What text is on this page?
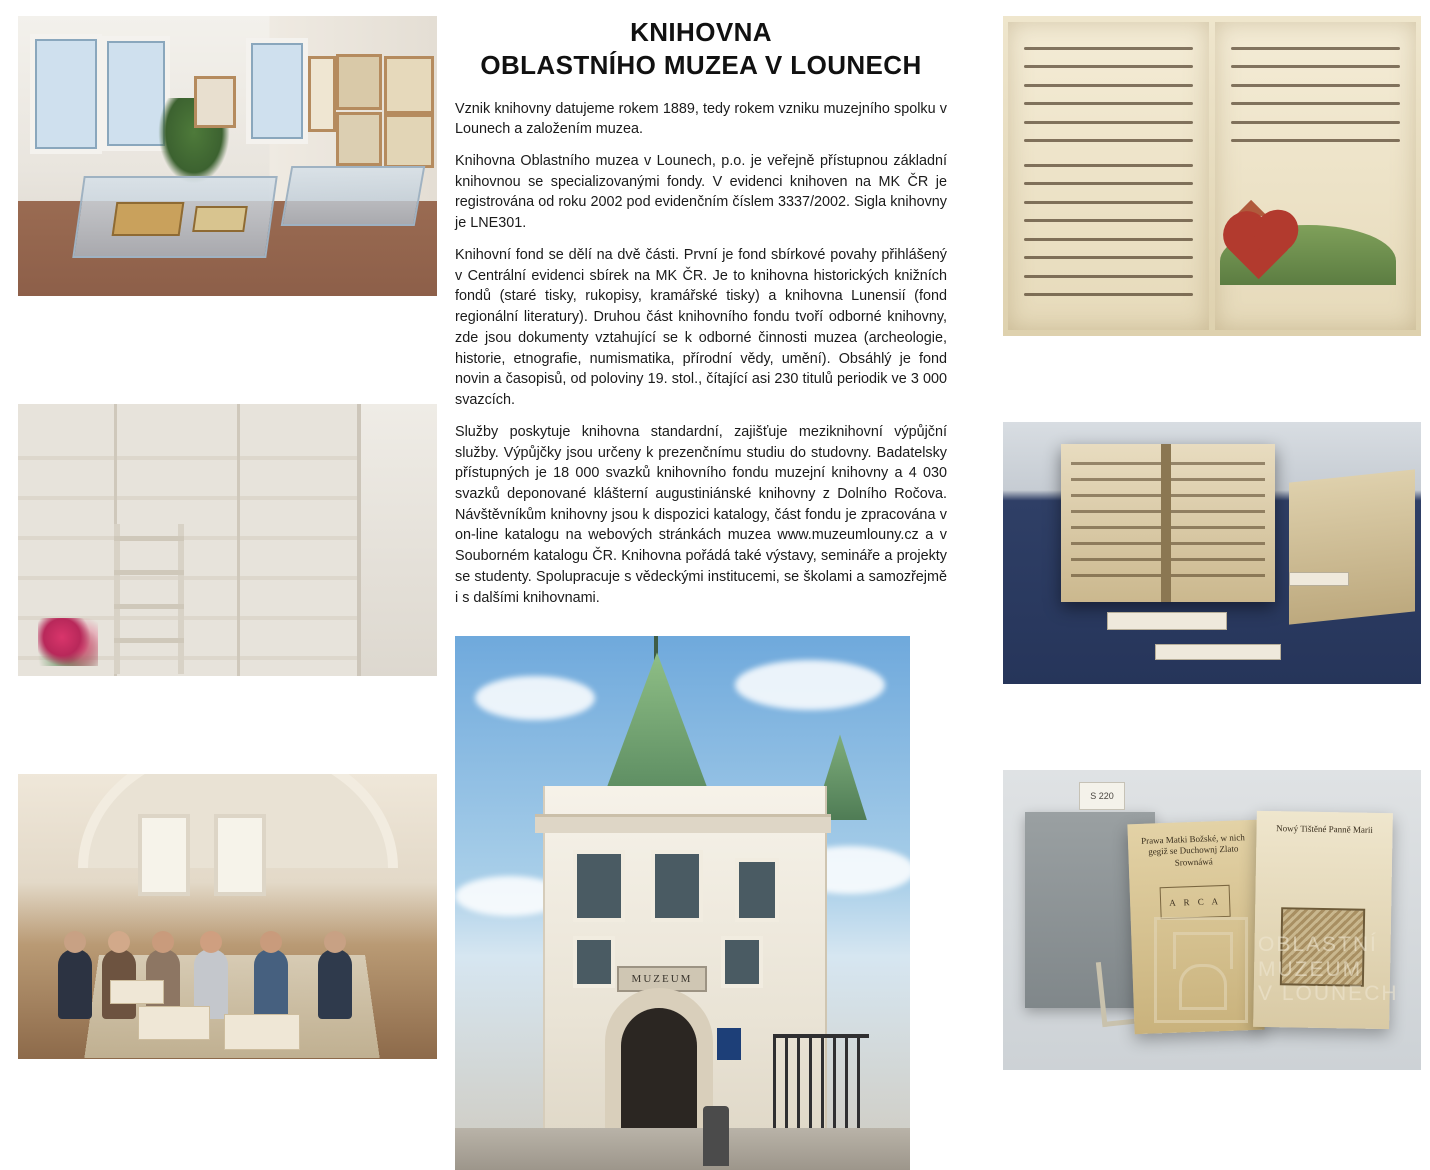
KNIHOVNA
OBLASTNÍHO MUZEA V LOUNECH

Vznik knihovny datujeme rokem 1889, tedy rokem vzniku muzejního spolku v Lounech a založením muzea.

Knihovna Oblastního muzea v Lounech, p.o. je veřejně přístupnou základní knihovnou se specializovanými fondy. V evidenci knihoven na MK ČR je registrována od roku 2002 pod evidenčním číslem 3337/2002. Sigla knihovny je LNE301.

Knihovní fond se dělí na dvě části. První je fond sbírkové povahy přihlášený v Centrální evidenci sbírek na MK ČR. Je to knihovna historických knižních fondů (staré tisky, rukopisy, kramářské tisky) a knihovna Lunensií (fond regionální literatury). Druhou část knihovního fondu tvoří odborné knihovny, zde jsou dokumenty vztahující se k odborné činnosti muzea (archeologie, historie, etnografie, numismatika, přírodní vědy, umění). Obsáhlý je fond novin a časopisů, od poloviny 19. stol., čítající asi 230 titulů periodik ve 3 000 svazcích.

Služby poskytuje knihovna standardní, zajišťuje meziknihovní výpůjční služby. Výpůjčky jsou určeny k prezenčnímu studiu do studovny. Badatelsky přístupných je 18 000 svazků knihovního fondu muzejní knihovny a 4 030 svazků deponované klášterní augustiniánské knihovny z Dolního Ročova. Návštěvníkům knihovny jsou k dispozici katalogy, část fondu je zpracována v on-line katalogu na webových stránkách muzea www.muzeumlouny.cz a v Souborném katalogu ČR. Knihovna pořádá také výstavy, semináře a projekty se studenty. Spolupracuje s vědeckými institucemi, se školami a samozřejmě i s dalšími knihovnami.

MUZEUM
S 220
Prawa Matki Božské, w nich gegiž se Duchownj Zlato Srownáwá
A R C A
Nowý Tištěné Panně Marii
OBLASTNÍ
MUZEUM
V LOUNECH
